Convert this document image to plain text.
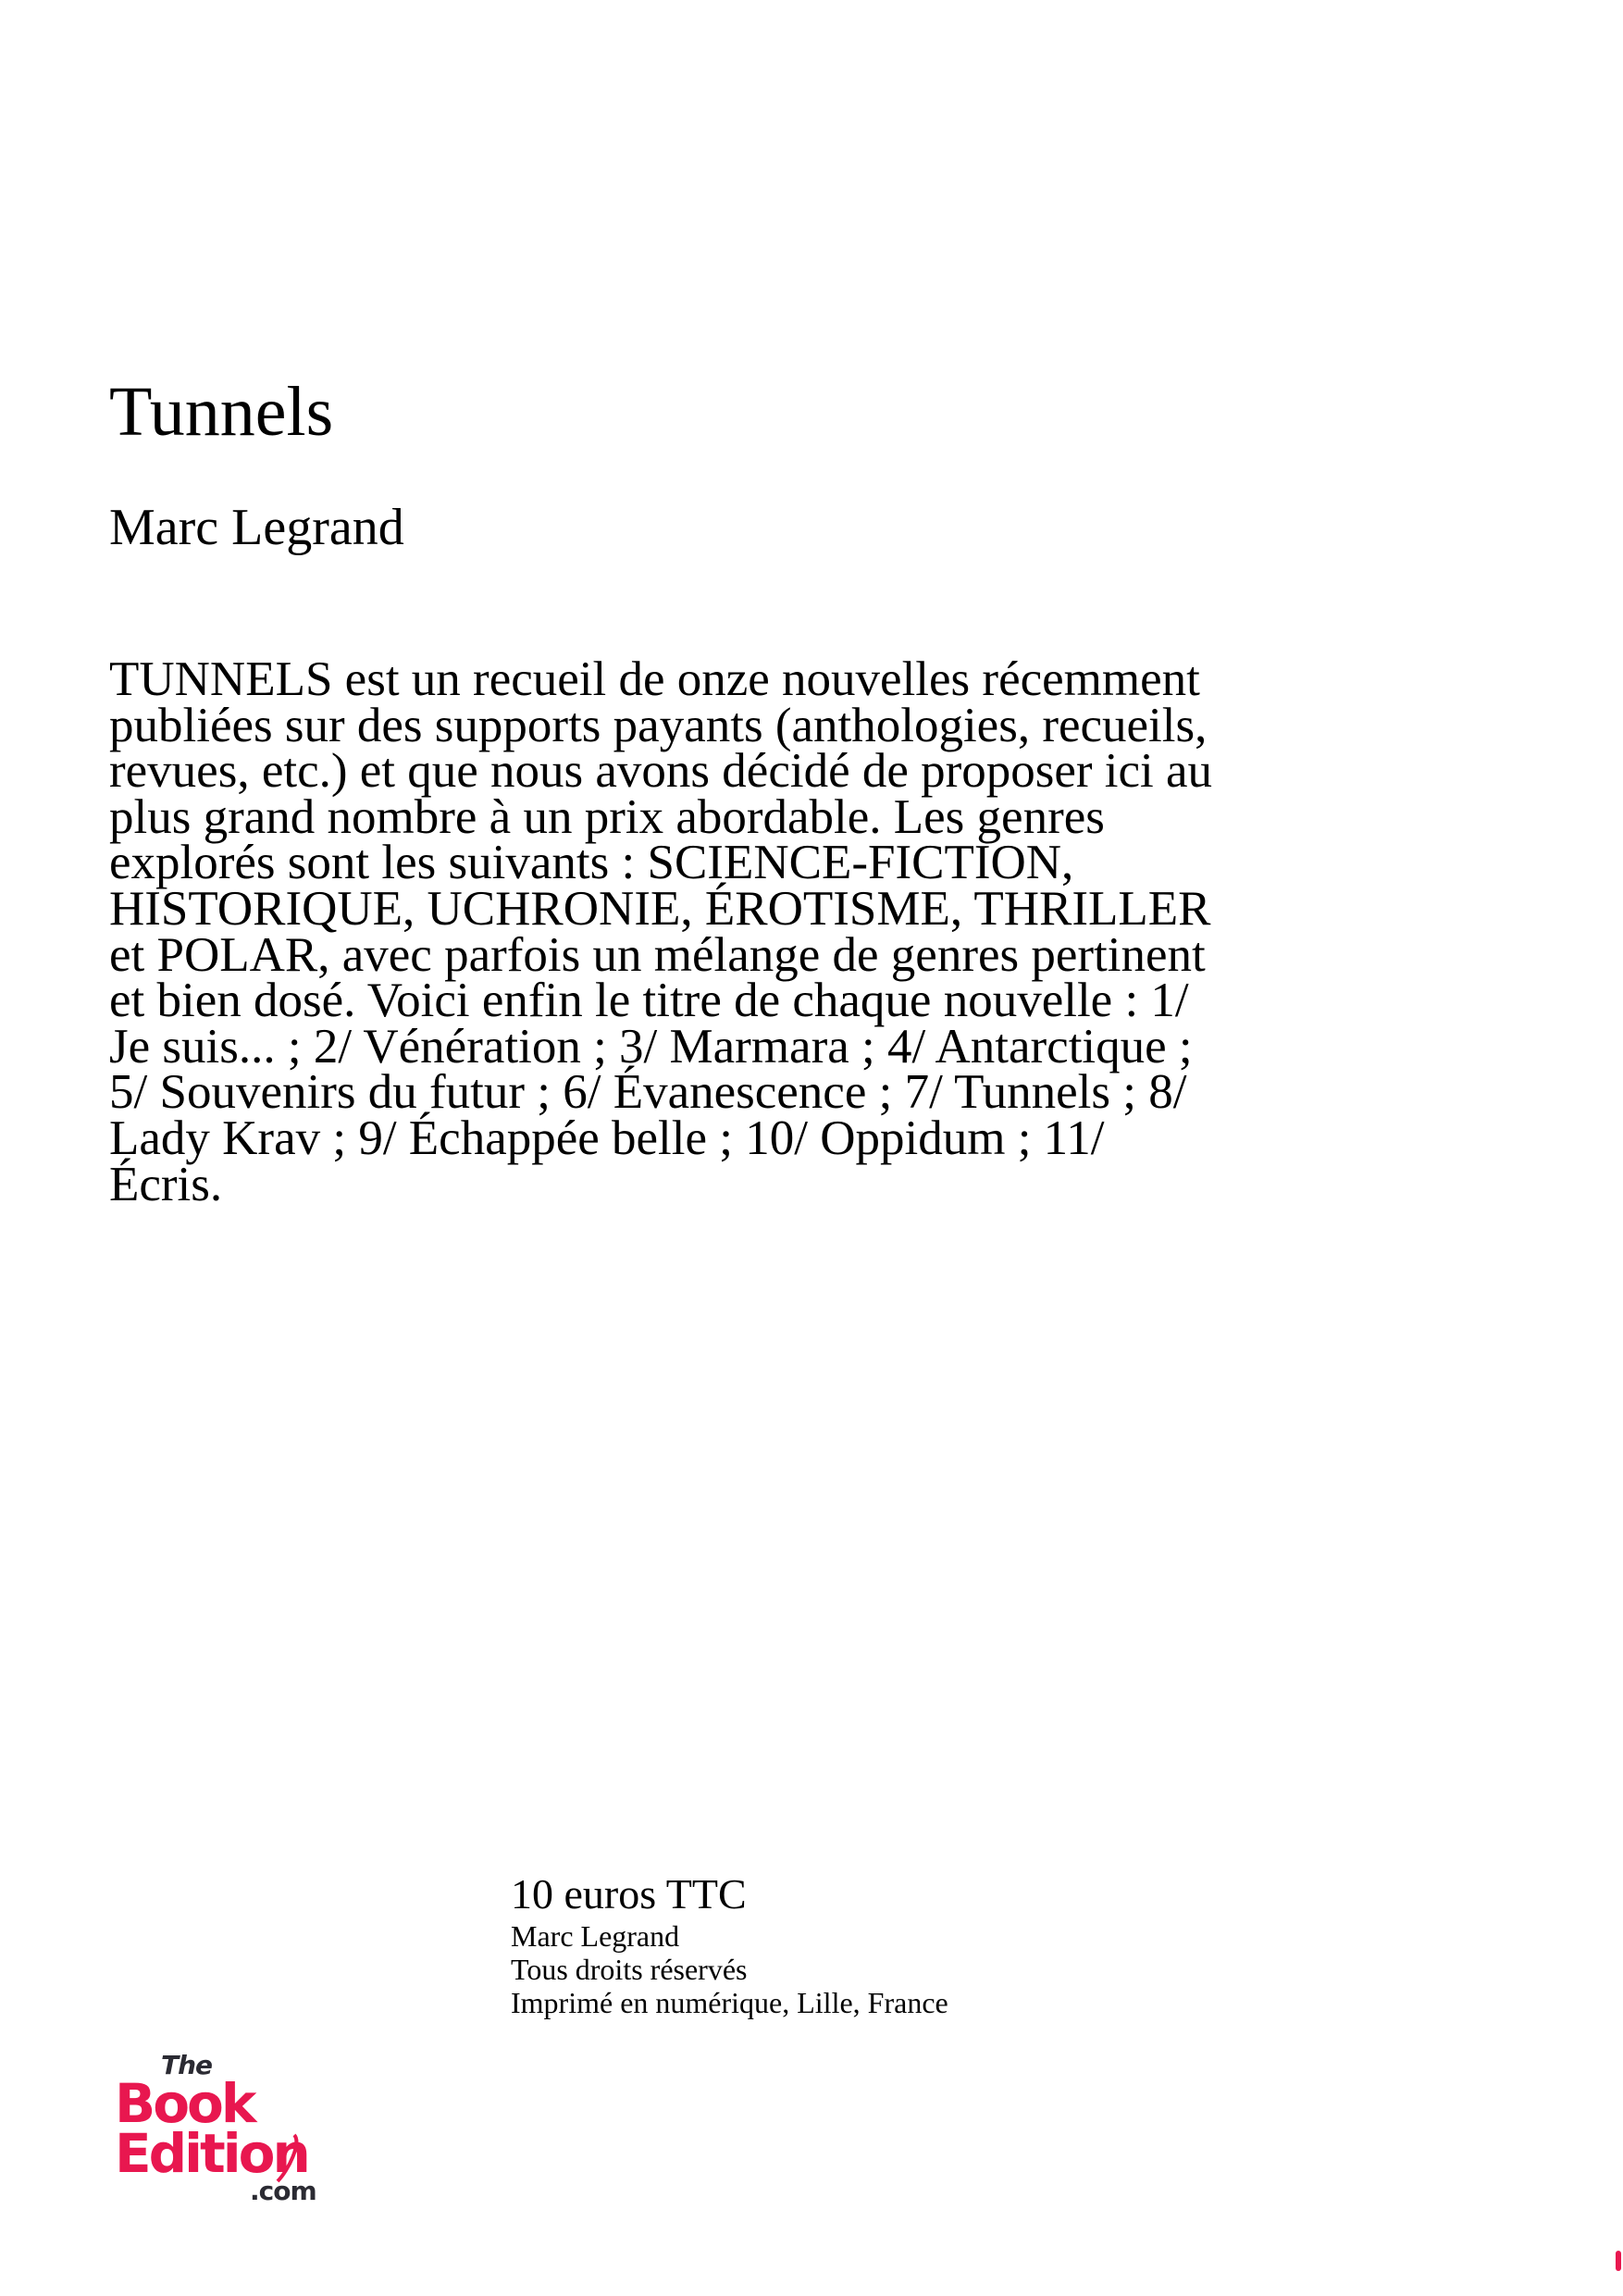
Tunnels

Marc Legrand

TUNNELS est un recueil de onze nouvelles récemment publiées sur des supports payants (anthologies, recueils, revues, etc.) et que nous avons décidé de proposer ici au plus grand nombre à un prix abordable. Les genres explorés sont les suivants : SCIENCE-FICTION, HISTORIQUE, UCHRONIE, ÉROTISME, THRILLER et POLAR, avec parfois un mélange de genres pertinent et bien dosé. Voici enfin le titre de chaque nouvelle : 1/ Je suis... ; 2/ Vénération ; 3/ Marmara ; 4/ Antarctique ; 5/ Souvenirs du futur ; 6/ Évanescence ; 7/ Tunnels ; 8/ Lady Krav ; 9/ Échappée belle ; 10/ Oppidum ; 11/ Écris.

10 euros TTC

Marc Legrand

Tous droits réservés

Imprimé en numérique, Lille, France

The
Book
Edition
.com
